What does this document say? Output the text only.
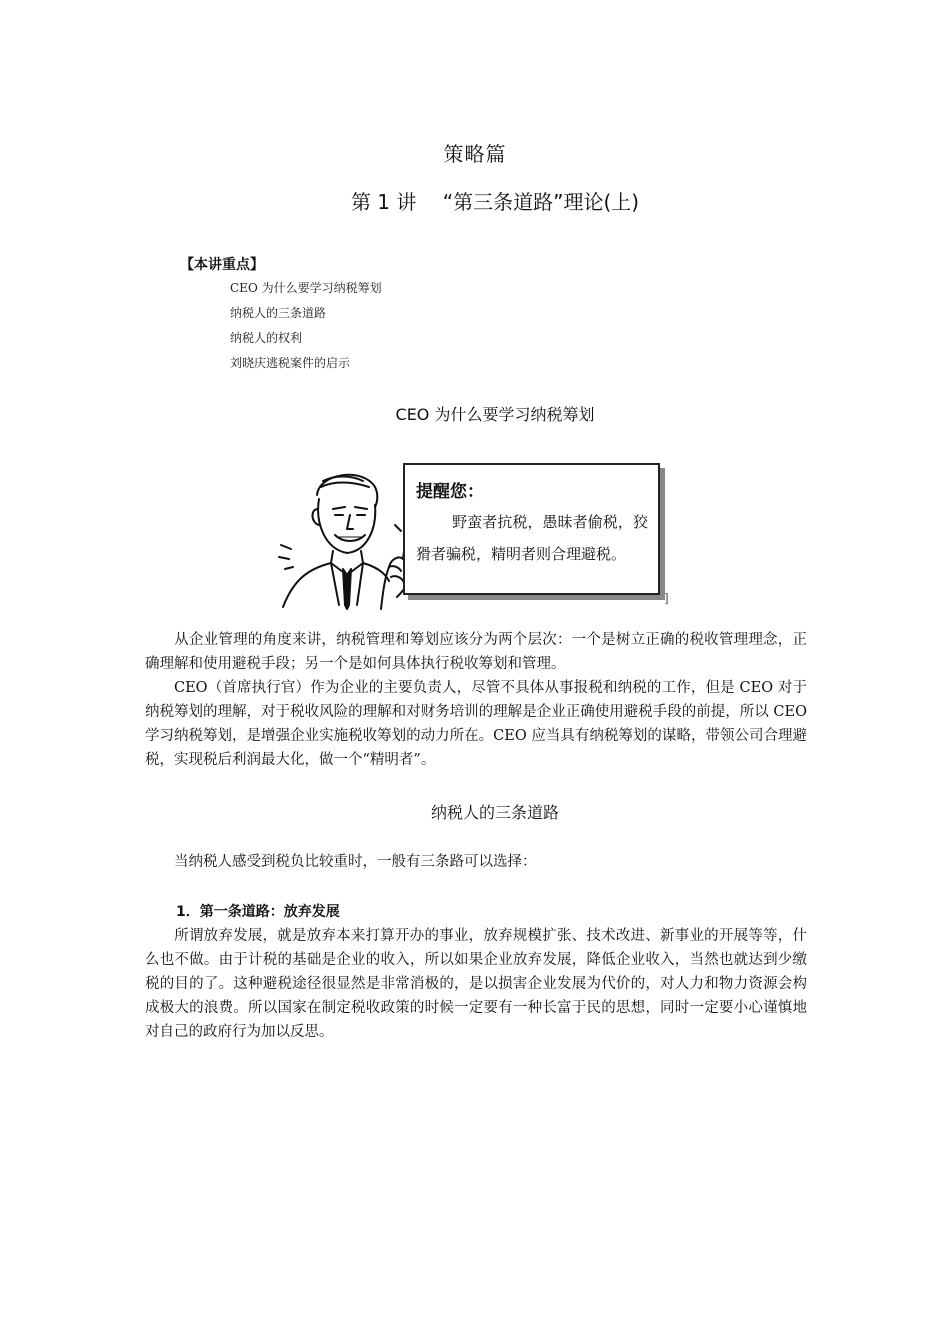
策略篇
第 1 讲　 “第三条道路”理论(上)
【本讲重点】
CEO 为什么要学习纳税筹划
纳税人的三条道路
纳税人的权利
刘晓庆逃税案件的启示
CEO 为什么要学习纳税筹划
提醒您：
野蛮者抗税，愚昧者偷税，狡猾者骗税，精明者则合理避税。
]
从企业管理的角度来讲，纳税管理和筹划应该分为两个层次：一个是树立正确的税收管理理念，正确理解和使用避税手段；另一个是如何具体执行税收筹划和管理。
CEO（首席执行官）作为企业的主要负责人，尽管不具体从事报税和纳税的工作，但是 CEO 对于纳税筹划的理解，对于税收风险的理解和对财务培训的理解是企业正确使用避税手段的前提，所以 CEO 学习纳税筹划，是增强企业实施税收筹划的动力所在。CEO 应当具有纳税筹划的谋略，带领公司合理避税，实现税后利润最大化，做一个“精明者”。
纳税人的三条道路
当纳税人感受到税负比较重时，一般有三条路可以选择：
1．第一条道路：放弃发展
所谓放弃发展，就是放弃本来打算开办的事业，放弃规模扩张、技术改进、新事业的开展等等，什么也不做。由于计税的基础是企业的收入，所以如果企业放弃发展，降低企业收入，当然也就达到少缴税的目的了。这种避税途径很显然是非常消极的，是以损害企业发展为代价的，对人力和物力资源会构成极大的浪费。所以国家在制定税收政策的时候一定要有一种长富于民的思想，同时一定要小心谨慎地对自己的政府行为加以反思。
